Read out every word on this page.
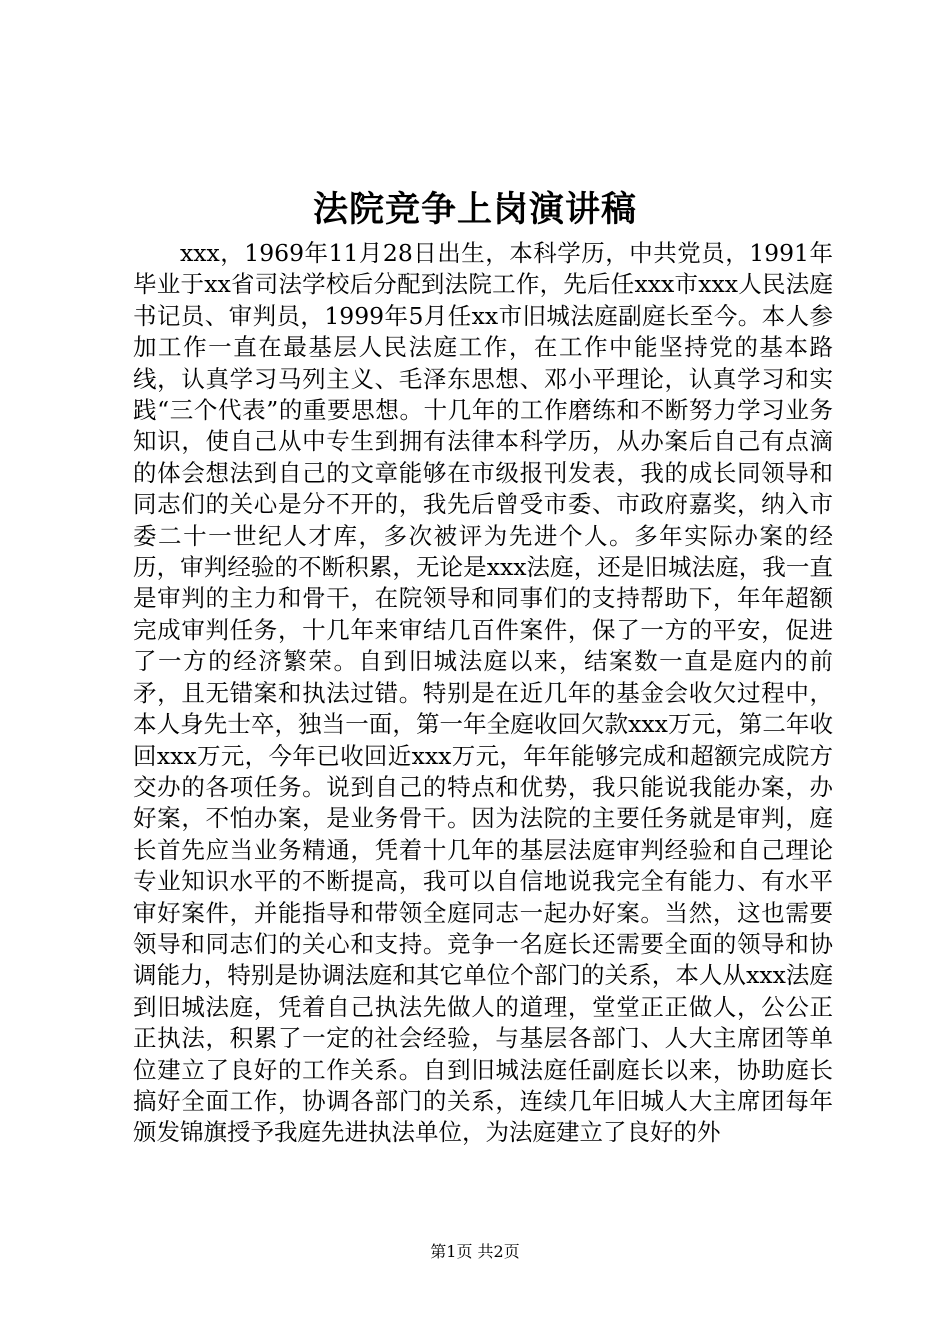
法院竞争上岗演讲稿

xxx，1969年11月28日出生，本科学历，中共党员，1991年毕业于xx省司法学校后分配到法院工作，先后任xxx市xxx人民法庭书记员、审判员，1999年5月任xx市旧城法庭副庭长至今。本人参加工作一直在最基层人民法庭工作，在工作中能坚持党的基本路线，认真学习马列主义、毛泽东思想、邓小平理论，认真学习和实践“三个代表”的重要思想。十几年的工作磨练和不断努力学习业务知识，使自己从中专生到拥有法律本科学历，从办案后自己有点滴的体会想法到自己的文章能够在市级报刊发表，我的成长同领导和同志们的关心是分不开的，我先后曾受市委、市政府嘉奖，纳入市委二十一世纪人才库，多次被评为先进个人。多年实际办案的经历，审判经验的不断积累，无论是xxx法庭，还是旧城法庭，我一直是审判的主力和骨干，在院领导和同事们的支持帮助下，年年超额完成审判任务，十几年来审结几百件案件，保了一方的平安，促进了一方的经济繁荣。自到旧城法庭以来，结案数一直是庭内的前矛，且无错案和执法过错。特别是在近几年的基金会收欠过程中，本人身先士卒，独当一面，第一年全庭收回欠款xxx万元，第二年收回xxx万元，今年已收回近xxx万元，年年能够完成和超额完成院方交办的各项任务。说到自己的特点和优势，我只能说我能办案，办好案，不怕办案，是业务骨干。因为法院的主要任务就是审判，庭长首先应当业务精通，凭着十几年的基层法庭审判经验和自己理论专业知识水平的不断提高，我可以自信地说我完全有能力、有水平审好案件，并能指导和带领全庭同志一起办好案。当然，这也需要领导和同志们的关心和支持。竞争一名庭长还需要全面的领导和协调能力，特别是协调法庭和其它单位个部门的关系，本人从xxx法庭到旧城法庭，凭着自己执法先做人的道理，堂堂正正做人，公公正正执法，积累了一定的社会经验，与基层各部门、人大主席团等单位建立了良好的工作关系。自到旧城法庭任副庭长以来，协助庭长搞好全面工作，协调各部门的关系，连续几年旧城人大主席团每年颁发锦旗授予我庭先进执法单位，为法庭建立了良好的外

第1页 共2页
